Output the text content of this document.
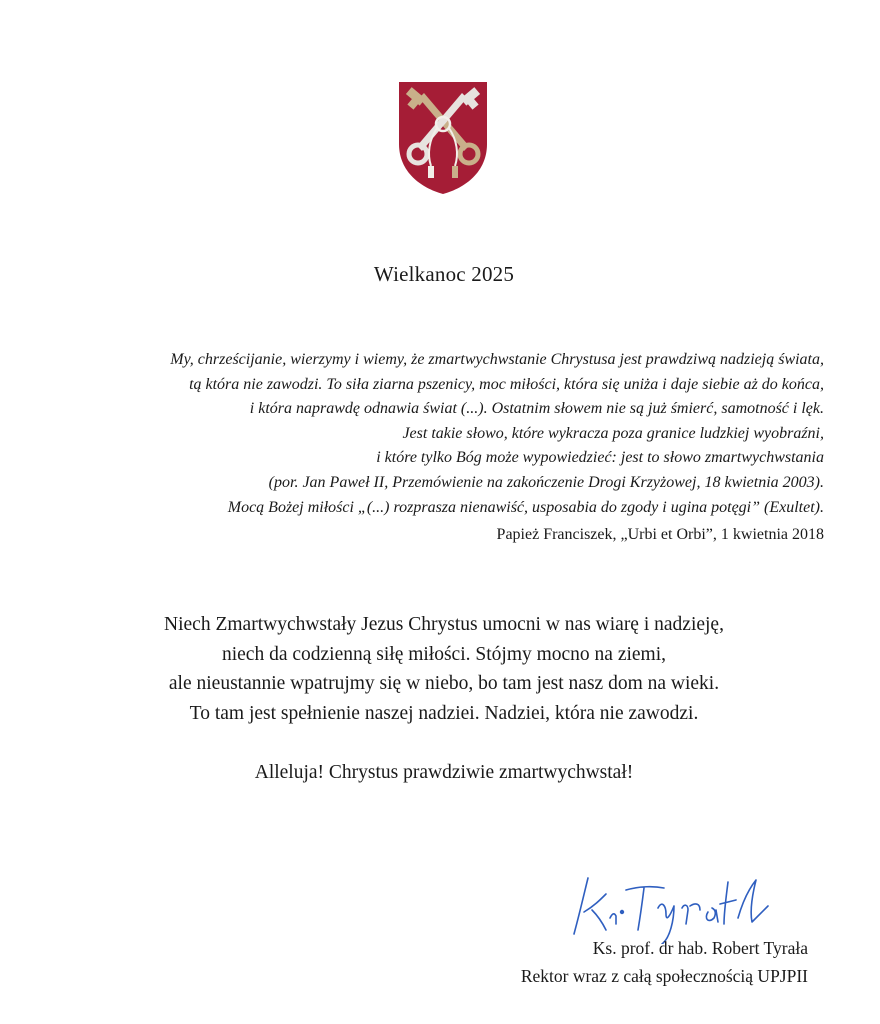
Wielkanoc 2025
My, chrześcijanie, wierzymy i wiemy, że zmartwychwstanie Chrystusa jest prawdziwą nadzieją świata,
tą która nie zawodzi. To siła ziarna pszenicy, moc miłości, która się uniża i daje siebie aż do końca,
i która naprawdę odnawia świat (...). Ostatnim słowem nie są już śmierć, samotność i lęk.
Jest takie słowo, które wykracza poza granice ludzkiej wyobraźni,
i które tylko Bóg może wypowiedzieć: jest to słowo zmartwychwstania
(por. Jan Paweł II, Przemówienie na zakończenie Drogi Krzyżowej, 18 kwietnia 2003).
Mocą Bożej miłości „(...) rozprasza nienawiść, usposabia do zgody i ugina potęgi” (Exultet).
Papież Franciszek, „Urbi et Orbi”, 1 kwietnia 2018
Niech Zmartwychwstały Jezus Chrystus umocni w nas wiarę i nadzieję,
niech da codzienną siłę miłości. Stójmy mocno na ziemi,
ale nieustannie wpatrujmy się w niebo, bo tam jest nasz dom na wieki.
To tam jest spełnienie naszej nadziei. Nadziei, która nie zawodzi.
Alleluja! Chrystus prawdziwie zmartwychwstał!
Ks. prof. dr hab. Robert Tyrała
Rektor wraz z całą społecznością UPJPII
